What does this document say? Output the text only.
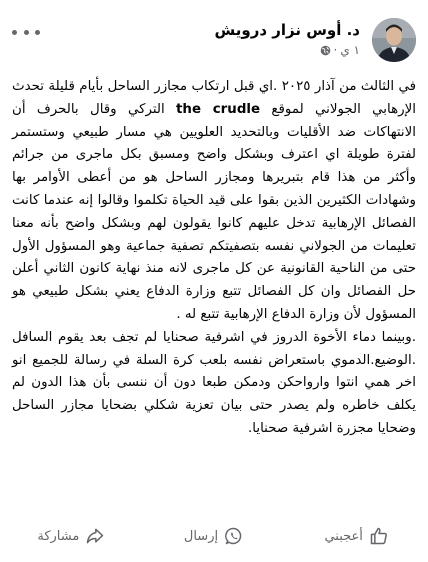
د. أوس نزار درويش
١ ي
·

في الثالث من آذار ٢٠٢٥ .اي قبل ارتكاب مجازر الساحل بأيام قليلة تحدث الإرهابي الجولاني لموقع the crudle التركي وقال بالحرف أن الانتهاكات ضد الأقليات وبالتحديد العلويين هي مسار طبيعي وستستمر لفترة طويلة اي اعترف وبشكل واضح ومسبق بكل ماجرى من جرائم وأكثر من هذا قام بتبريرها ومجازر الساحل هو من أعطى الأوامر بها وشهادات الكثيرين الذين بقوا على قيد الحياة تكلموا وقالوا إنه عندما كانت الفصائل الإرهابية تدخل عليهم كانوا يقولون لهم وبشكل واضح بأنه معنا تعليمات من الجولاني نفسه بتصفيتكم تصفية جماعية وهو المسؤول الأول حتى من الناحية القانونية عن كل ماجرى لانه منذ نهاية كانون الثاني أعلن حل الفصائل وان كل الفصائل تتبع وزارة الدفاع يعني بشكل طبيعي هو المسؤول لأن وزارة الدفاع الإرهابية تتبع له .

.وبينما دماء الأخوة الدروز في اشرفية صحنايا لم تجف بعد يقوم السافل .الوضيع.الدموي باستعراض نفسه بلعب كرة السلة في رسالة للجميع انو اخر همي انتوا وارواحكن ودمكن طبعا دون أن ننسى بأن هذا الدون لم يكلف خاطره ولم يصدر حتى بيان تعزية شكلي بضحايا مجازر الساحل وضحايا مجزرة اشرفية صحنايا.

أعجبني
إرسال
مشاركة
